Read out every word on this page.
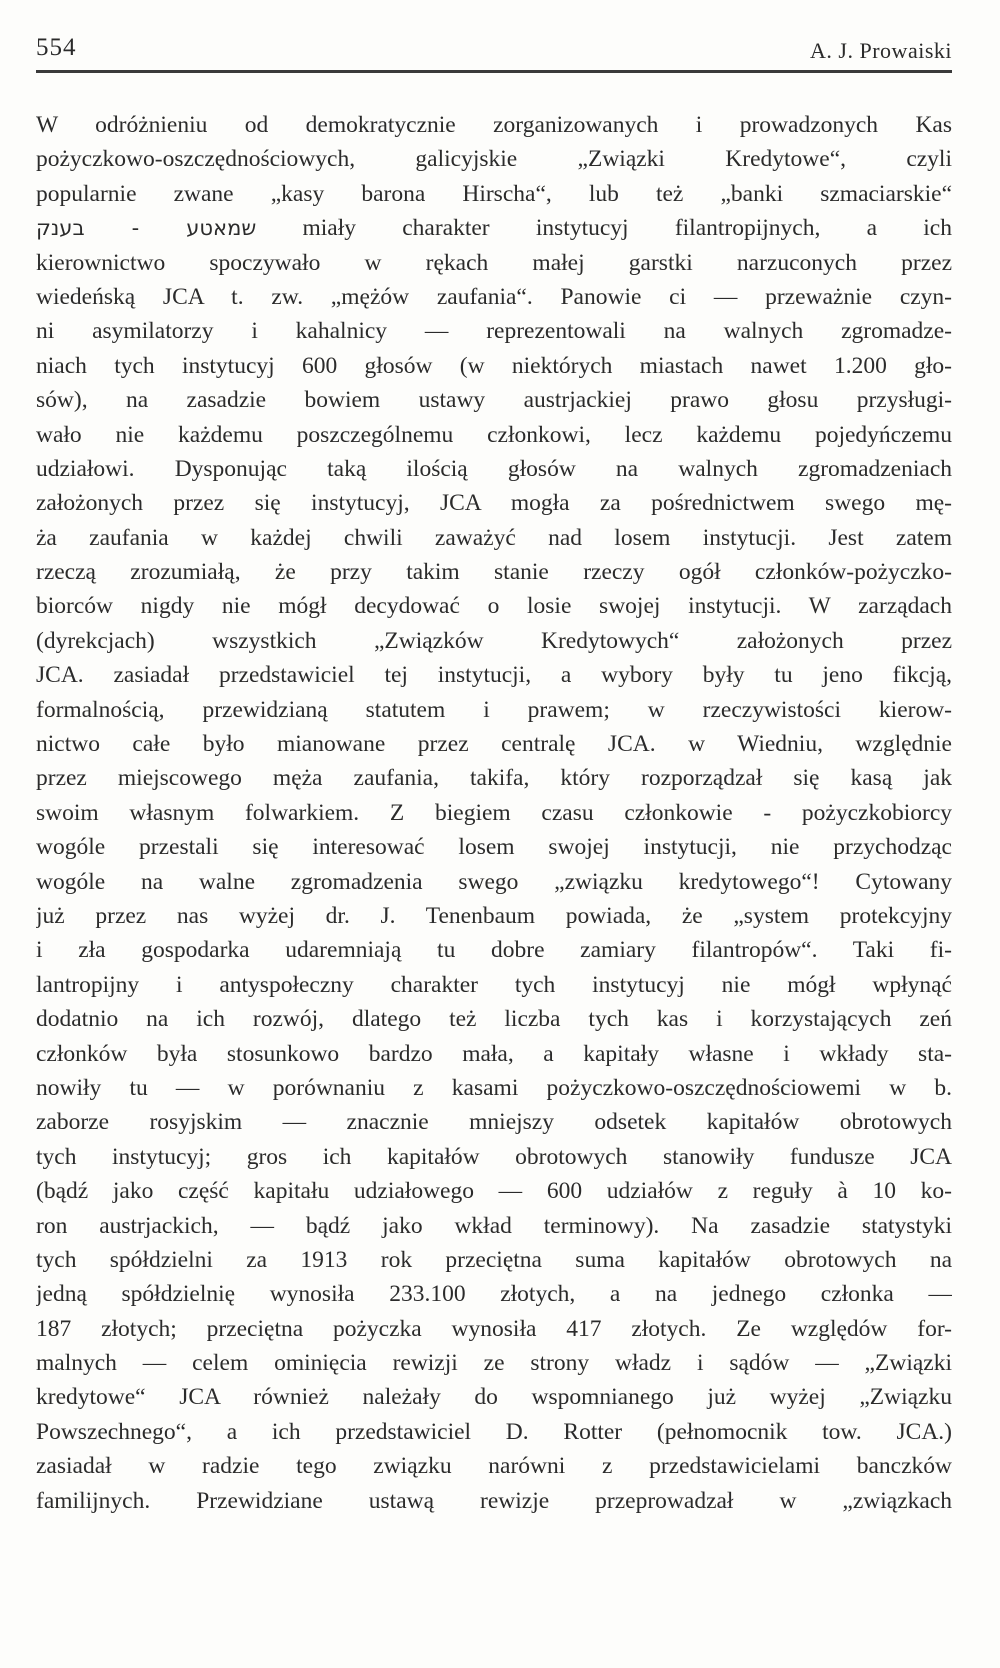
554	A. J. Prowaiski
W odróżnieniu od demokratycznie zorganizowanych i prowadzonych Kas
pożyczkowo-oszczędnościowych, galicyjskie „Związki Kredytowe“, czyli
popularnie zwane „kasy barona Hirscha“, lub też „banki szmaciarskie“
שמאטע - בענק miały charakter instytucyj filantropijnych, a ich
kierownictwo spoczywało w rękach małej garstki narzuconych przez
wiedeńską JCA t. zw. „mężów zaufania“. Panowie ci — przeważnie czyn-
ni asymilatorzy i kahalnicy — reprezentowali na walnych zgromadze-
niach tych instytucyj 600 głosów (w niektórych miastach nawet 1.200 gło-
sów), na zasadzie bowiem ustawy austrjackiej prawo głosu przysługi-
wało nie każdemu poszczególnemu członkowi, lecz każdemu pojedyńczemu
udziałowi. Dysponując taką ilością głosów na walnych zgromadzeniach
założonych przez się instytucyj, JCA mogła za pośrednictwem swego mę-
ża zaufania w każdej chwili zaważyć nad losem instytucji. Jest zatem
rzeczą zrozumiałą, że przy takim stanie rzeczy ogół członków-pożyczko-
biorców nigdy nie mógł decydować o losie swojej instytucji. W zarządach
(dyrekcjach) wszystkich „Związków Kredytowych“ założonych przez
JCA. zasiadał przedstawiciel tej instytucji, a wybory były tu jeno fikcją,
formalnością, przewidzianą statutem i prawem; w rzeczywistości kierow-
nictwo całe było mianowane przez centralę JCA. w Wiedniu, względnie
przez miejscowego męża zaufania, takifa, który rozporządzał się kasą jak
swoim własnym folwarkiem. Z biegiem czasu członkowie - pożyczkobiorcy
wogóle przestali się interesować losem swojej instytucji, nie przychodząc
wogóle na walne zgromadzenia swego „związku kredytowego“! Cytowany
już przez nas wyżej dr. J. Tenenbaum powiada, że „system protekcyjny
i zła gospodarka udaremniają tu dobre zamiary filantropów“. Taki fi-
lantropijny i antyspołeczny charakter tych instytucyj nie mógł wpłynąć
dodatnio na ich rozwój, dlatego też liczba tych kas i korzystających zeń
członków była stosunkowo bardzo mała, a kapitały własne i wkłady sta-
nowiły tu — w porównaniu z kasami pożyczkowo-oszczędnościowemi w b.
zaborze rosyjskim — znacznie mniejszy odsetek kapitałów obrotowych
tych instytucyj; gros ich kapitałów obrotowych stanowiły fundusze JCA
(bądź jako część kapitału udziałowego — 600 udziałów z reguły à 10 ko-
ron austrjackich, — bądź jako wkład terminowy). Na zasadzie statystyki
tych spółdzielni za 1913 rok przeciętna suma kapitałów obrotowych na
jedną spółdzielnię wynosiła 233.100 złotych, a na jednego członka —
187 złotych; przeciętna pożyczka wynosiła 417 złotych. Ze względów for-
malnych — celem ominięcia rewizji ze strony władz i sądów — „Związki
kredytowe“ JCA również należały do wspomnianego już wyżej „Związku
Powszechnego“, a ich przedstawiciel D. Rotter (pełnomocnik tow. JCA.)
zasiadał w radzie tego związku narówni z przedstawicielami banczków
familijnych. Przewidziane ustawą rewizje przeprowadzał w „związkach
